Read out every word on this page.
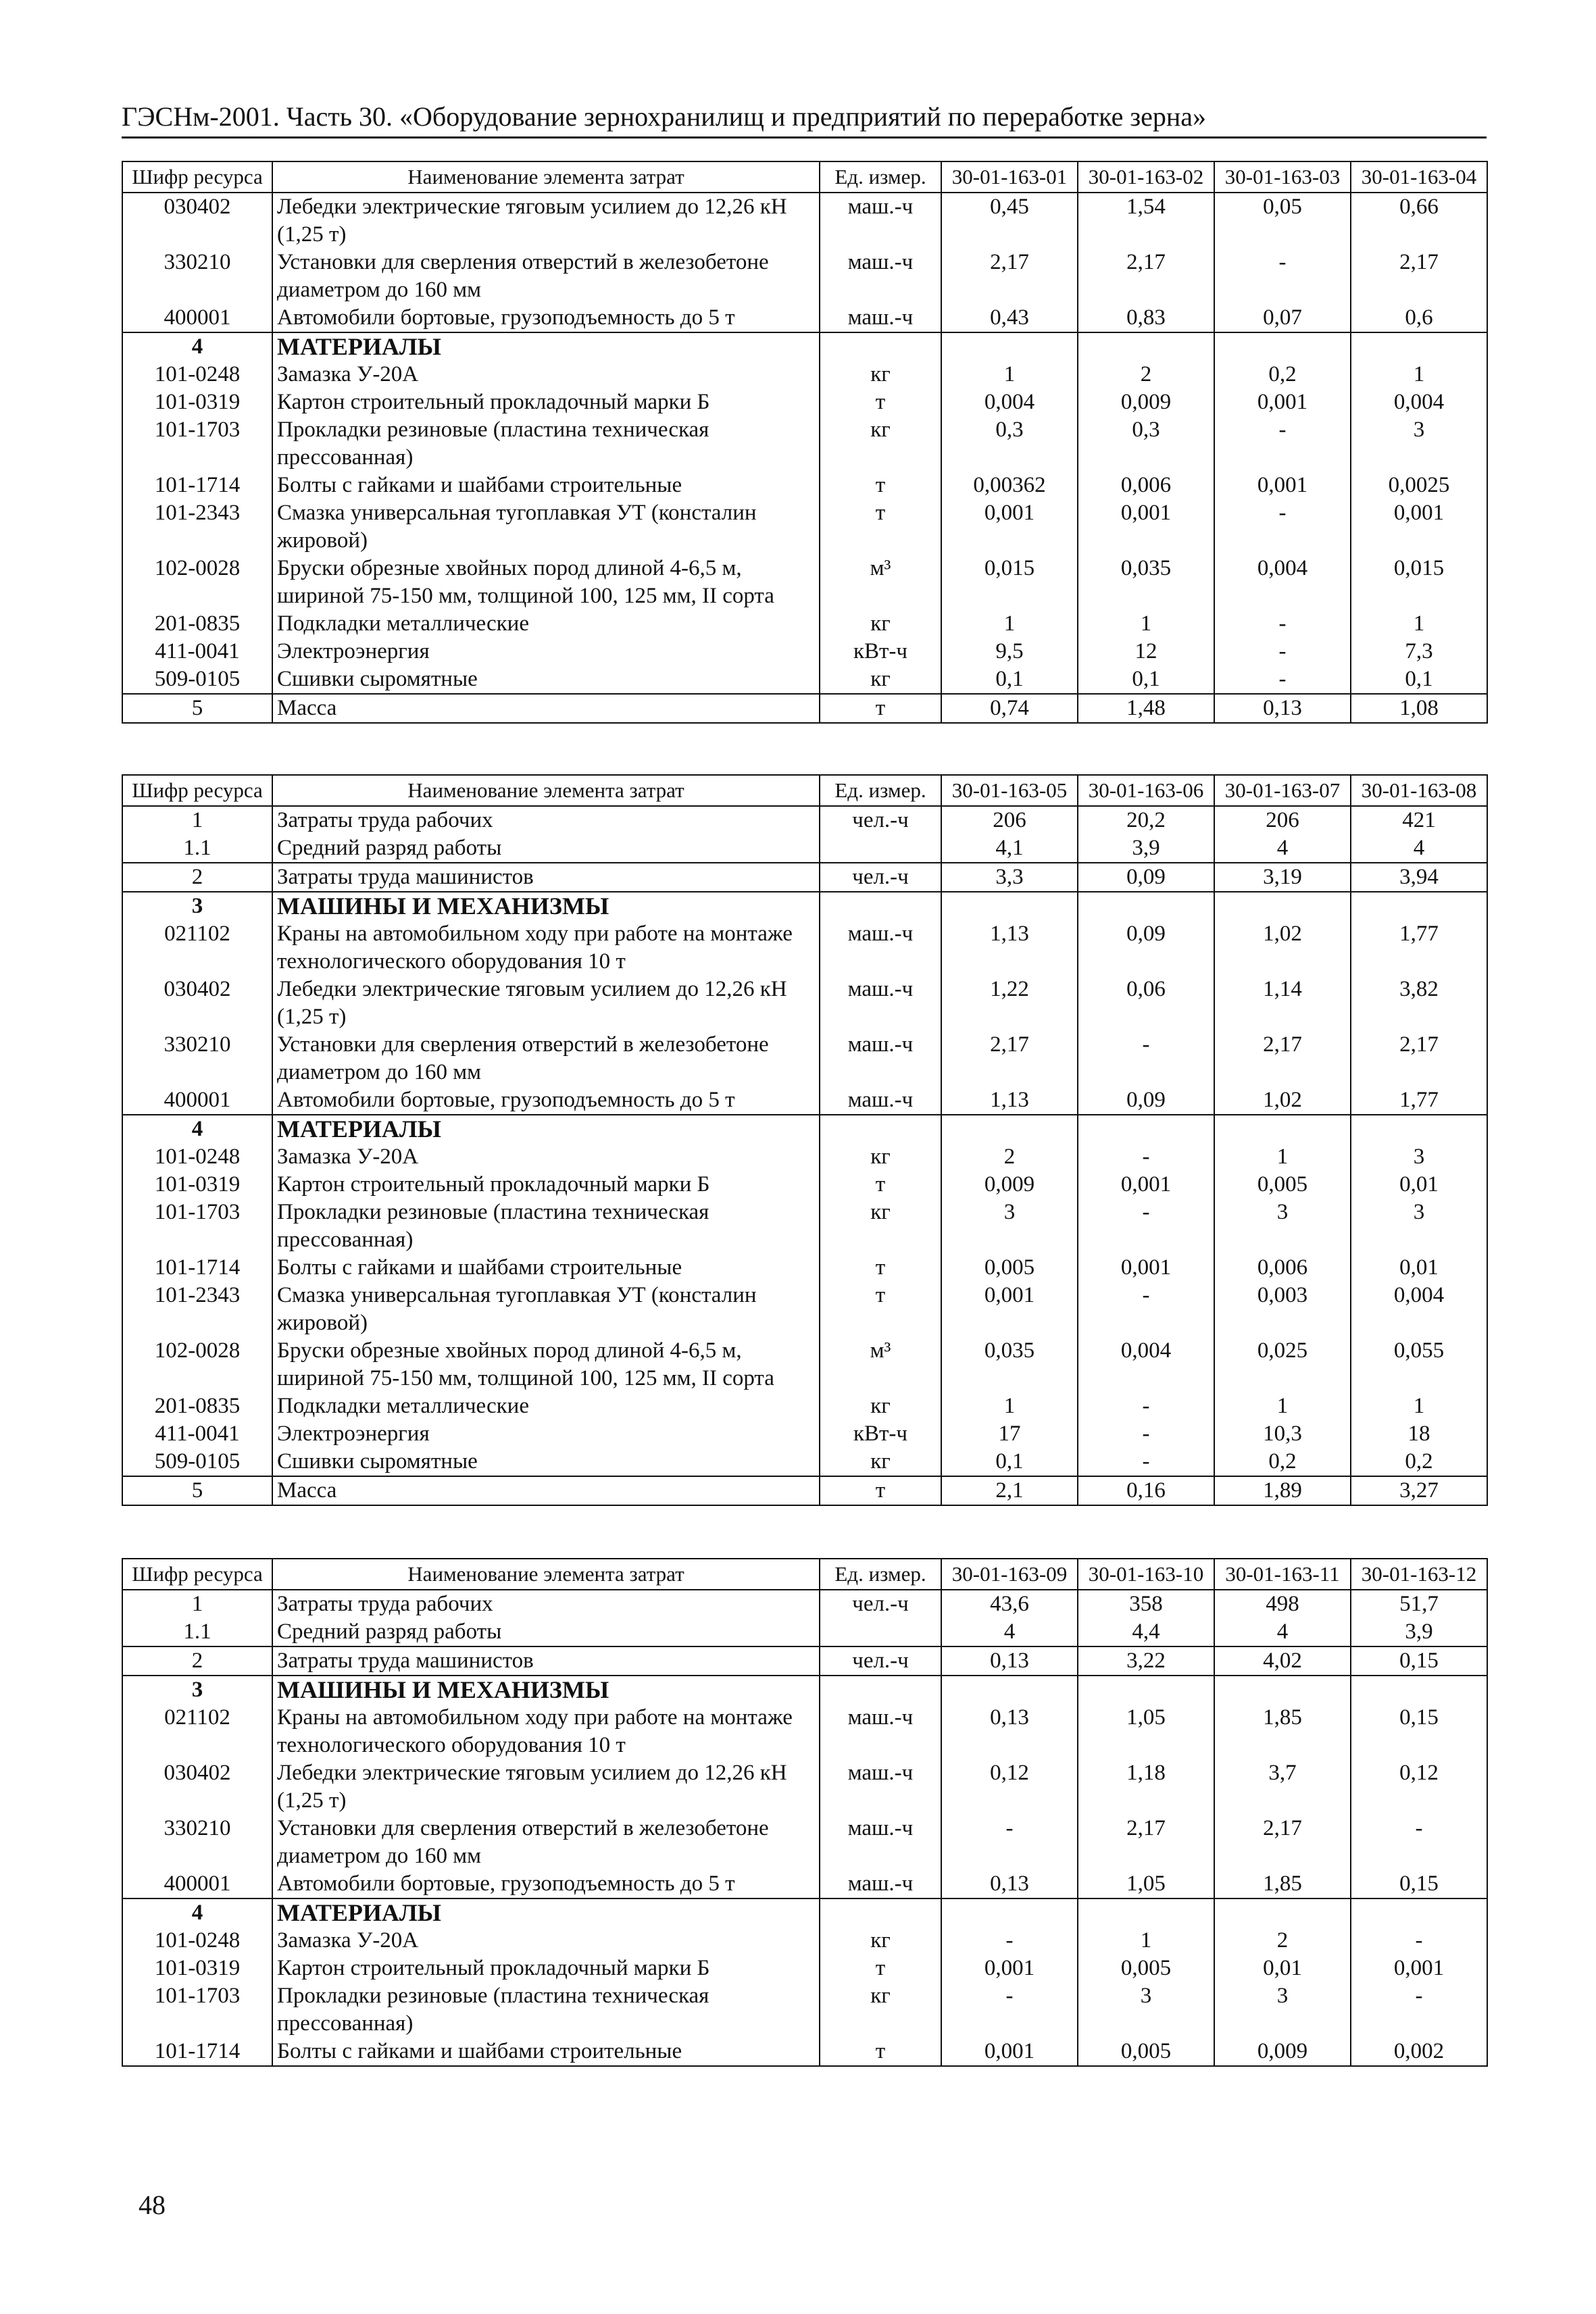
ГЭСНм-2001. Часть 30. «Оборудование зернохранилищ и предприятий по переработке зерна»
Шифр ресурса	Наименование элемента затрат	Ед. измер.	30-01-163-01	30-01-163-02	30-01-163-03	30-01-163-04
030402	Лебедки электрические тяговым усилием до 12,26 кН (1,25 т)	маш.-ч	0,45	1,54	0,05	0,66
330210	Установки для сверления отверстий в железобетоне диаметром до 160 мм	маш.-ч	2,17	2,17	-	2,17
400001	Автомобили бортовые, грузоподъемность до 5 т	маш.-ч	0,43	0,83	0,07	0,6
4	МАТЕРИАЛЫ					
101-0248	Замазка У-20А	кг	1	2	0,2	1
101-0319	Картон строительный прокладочный марки Б	т	0,004	0,009	0,001	0,004
101-1703	Прокладки резиновые (пластина техническая прессованная)	кг	0,3	0,3	-	3
101-1714	Болты с гайками и шайбами строительные	т	0,00362	0,006	0,001	0,0025
101-2343	Смазка универсальная тугоплавкая УТ (консталин жировой)	т	0,001	0,001	-	0,001
102-0028	Бруски обрезные хвойных пород длиной 4-6,5 м, шириной 75-150 мм, толщиной 100, 125 мм, II сорта	м³	0,015	0,035	0,004	0,015
201-0835	Подкладки металлические	кг	1	1	-	1
411-0041	Электроэнергия	кВт-ч	9,5	12	-	7,3
509-0105	Сшивки сыромятные	кг	0,1	0,1	-	0,1
5	Масса	т	0,74	1,48	0,13	1,08
Шифр ресурса	Наименование элемента затрат	Ед. измер.	30-01-163-05	30-01-163-06	30-01-163-07	30-01-163-08
1	Затраты труда рабочих	чел.-ч	206	20,2	206	421
1.1	Средний разряд работы		4,1	3,9	4	4
2	Затраты труда машинистов	чел.-ч	3,3	0,09	3,19	3,94
3	МАШИНЫ И МЕХАНИЗМЫ					
021102	Краны на автомобильном ходу при работе на монтаже технологического оборудования 10 т	маш.-ч	1,13	0,09	1,02	1,77
030402	Лебедки электрические тяговым усилием до 12,26 кН (1,25 т)	маш.-ч	1,22	0,06	1,14	3,82
330210	Установки для сверления отверстий в железобетоне диаметром до 160 мм	маш.-ч	2,17	-	2,17	2,17
400001	Автомобили бортовые, грузоподъемность до 5 т	маш.-ч	1,13	0,09	1,02	1,77
4	МАТЕРИАЛЫ					
101-0248	Замазка У-20А	кг	2	-	1	3
101-0319	Картон строительный прокладочный марки Б	т	0,009	0,001	0,005	0,01
101-1703	Прокладки резиновые (пластина техническая прессованная)	кг	3	-	3	3
101-1714	Болты с гайками и шайбами строительные	т	0,005	0,001	0,006	0,01
101-2343	Смазка универсальная тугоплавкая УТ (консталин жировой)	т	0,001	-	0,003	0,004
102-0028	Бруски обрезные хвойных пород длиной 4-6,5 м, шириной 75-150 мм, толщиной 100, 125 мм, II сорта	м³	0,035	0,004	0,025	0,055
201-0835	Подкладки металлические	кг	1	-	1	1
411-0041	Электроэнергия	кВт-ч	17	-	10,3	18
509-0105	Сшивки сыромятные	кг	0,1	-	0,2	0,2
5	Масса	т	2,1	0,16	1,89	3,27
Шифр ресурса	Наименование элемента затрат	Ед. измер.	30-01-163-09	30-01-163-10	30-01-163-11	30-01-163-12
1	Затраты труда рабочих	чел.-ч	43,6	358	498	51,7
1.1	Средний разряд работы		4	4,4	4	3,9
2	Затраты труда машинистов	чел.-ч	0,13	3,22	4,02	0,15
3	МАШИНЫ И МЕХАНИЗМЫ					
021102	Краны на автомобильном ходу при работе на монтаже технологического оборудования 10 т	маш.-ч	0,13	1,05	1,85	0,15
030402	Лебедки электрические тяговым усилием до 12,26 кН (1,25 т)	маш.-ч	0,12	1,18	3,7	0,12
330210	Установки для сверления отверстий в железобетоне диаметром до 160 мм	маш.-ч	-	2,17	2,17	-
400001	Автомобили бортовые, грузоподъемность до 5 т	маш.-ч	0,13	1,05	1,85	0,15
4	МАТЕРИАЛЫ					
101-0248	Замазка У-20А	кг	-	1	2	-
101-0319	Картон строительный прокладочный марки Б	т	0,001	0,005	0,01	0,001
101-1703	Прокладки резиновые (пластина техническая прессованная)	кг	-	3	3	-
101-1714	Болты с гайками и шайбами строительные	т	0,001	0,005	0,009	0,002
48
